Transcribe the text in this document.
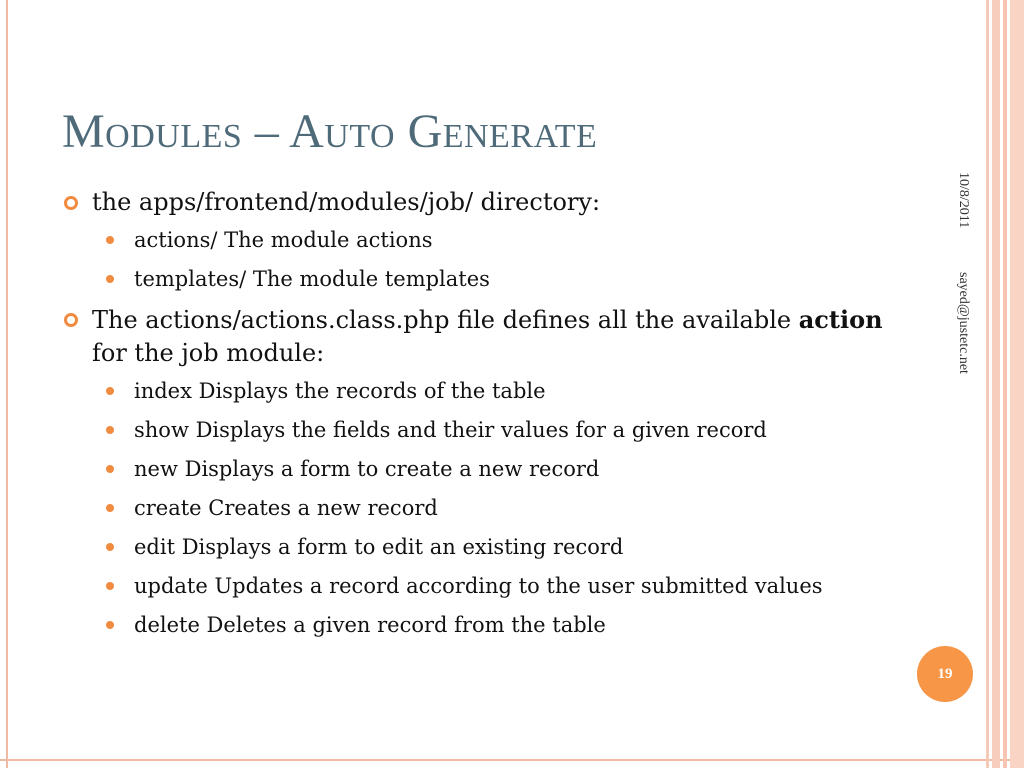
Modules – Auto Generate
the apps/frontend/modules/job/ directory:
actions/ The module actions
templates/ The module templates
The actions/actions.class.php file defines all the available action for the job module:
index Displays the records of the table
show Displays the fields and their values for a given record
new Displays a form to create a new record
create Creates a new record
edit Displays a form to edit an existing record
update Updates a record according to the user submitted values
delete Deletes a given record from the table
10/8/2011
sayed@justetc.net
19
